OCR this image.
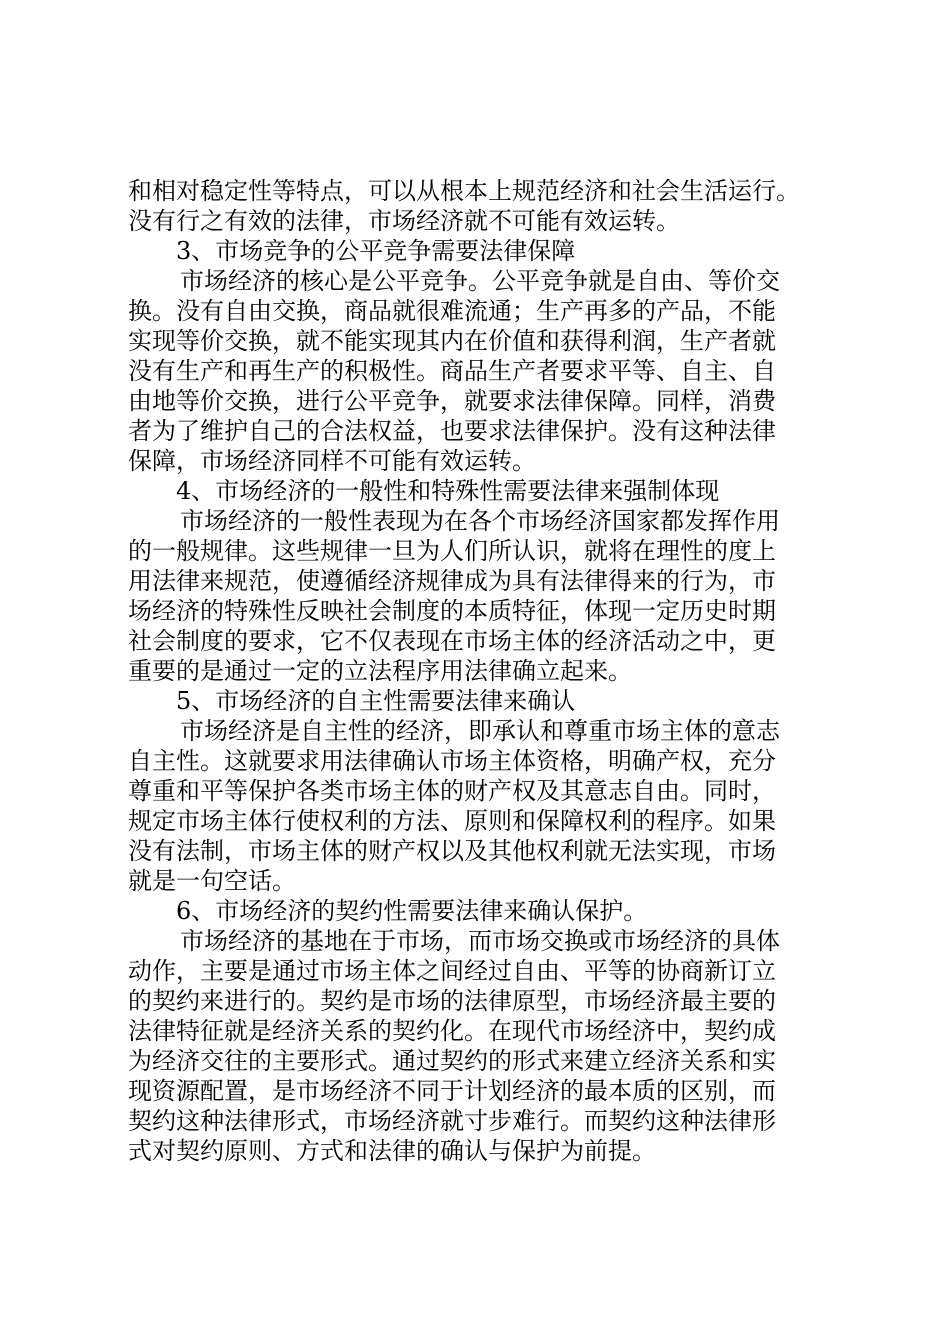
和相对稳定性等特点，可以从根本上规范经济和社会生活运行。
没有行之有效的法律，市场经济就不可能有效运转。
3、市场竞争的公平竞争需要法律保障
市场经济的核心是公平竞争。公平竞争就是自由、等价交
换。没有自由交换，商品就很难流通；生产再多的产品，不能
实现等价交换，就不能实现其内在价值和获得利润，生产者就
没有生产和再生产的积极性。商品生产者要求平等、自主、自
由地等价交换，进行公平竞争，就要求法律保障。同样，消费
者为了维护自己的合法权益，也要求法律保护。没有这种法律
保障，市场经济同样不可能有效运转。
4、市场经济的一般性和特殊性需要法律来强制体现
市场经济的一般性表现为在各个市场经济国家都发挥作用
的一般规律。这些规律一旦为人们所认识，就将在理性的度上
用法律来规范，使遵循经济规律成为具有法律得来的行为，市
场经济的特殊性反映社会制度的本质特征，体现一定历史时期
社会制度的要求，它不仅表现在市场主体的经济活动之中，更
重要的是通过一定的立法程序用法律确立起来。
5、市场经济的自主性需要法律来确认
市场经济是自主性的经济，即承认和尊重市场主体的意志
自主性。这就要求用法律确认市场主体资格，明确产权，充分
尊重和平等保护各类市场主体的财产权及其意志自由。同时，
规定市场主体行使权利的方法、原则和保障权利的程序。如果
没有法制，市场主体的财产权以及其他权利就无法实现，市场
就是一句空话。
6、市场经济的契约性需要法律来确认保护。
市场经济的基地在于市场，而市场交换或市场经济的具体
动作，主要是通过市场主体之间经过自由、平等的协商新订立
的契约来进行的。契约是市场的法律原型，市场经济最主要的
法律特征就是经济关系的契约化。在现代市场经济中，契约成
为经济交往的主要形式。通过契约的形式来建立经济关系和实
现资源配置，是市场经济不同于计划经济的最本质的区别，而
契约这种法律形式，市场经济就寸步难行。而契约这种法律形
式对契约原则、方式和法律的确认与保护为前提。
